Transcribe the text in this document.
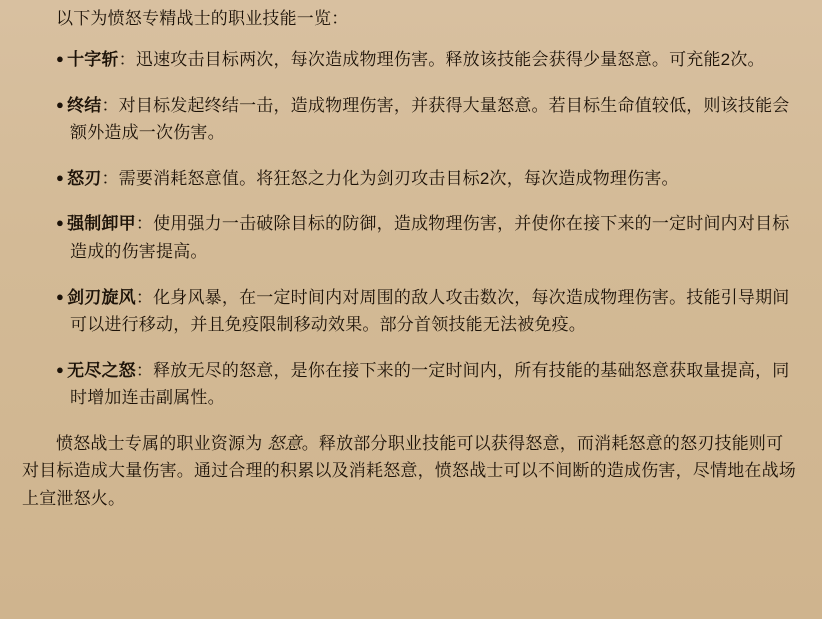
以下为愤怒专精战士的职业技能一览：

● 十字斩：迅速攻击目标两次，每次造成物理伤害。释放该技能会获得少量怒意。可充能2次。

● 终结：对目标发起终结一击，造成物理伤害，并获得大量怒意。若目标生命值较低，则该技能会额外造成一次伤害。

● 怒刃：需要消耗怒意值。将狂怒之力化为剑刃攻击目标2次，每次造成物理伤害。

● 强制卸甲：使用强力一击破除目标的防御，造成物理伤害，并使你在接下来的一定时间内对目标造成的伤害提高。

● 剑刃旋风：化身风暴，在一定时间内对周围的敌人攻击数次，每次造成物理伤害。技能引导期间可以进行移动，并且免疫限制移动效果。部分首领技能无法被免疫。

● 无尽之怒：释放无尽的怒意，是你在接下来的一定时间内，所有技能的基础怒意获取量提高，同时增加连击副属性。

愤怒战士专属的职业资源为 怒意。释放部分职业技能可以获得怒意，而消耗怒意的怒刃技能则可对目标造成大量伤害。通过合理的积累以及消耗怒意，愤怒战士可以不间断的造成伤害，尽情地在战场上宣泄怒火。
